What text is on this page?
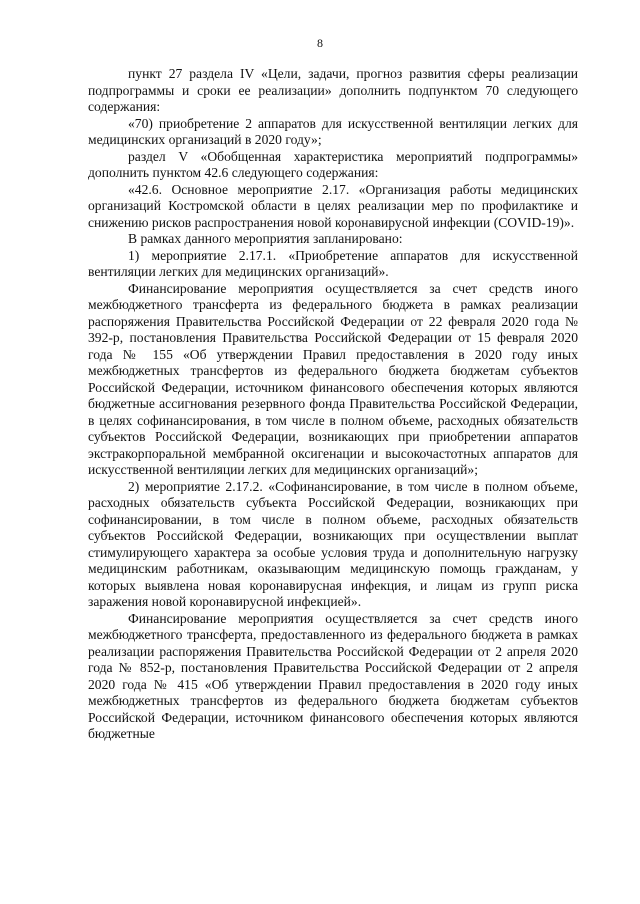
8

пункт 27 раздела IV «Цели, задачи, прогноз развития сферы реализации подпрограммы и сроки ее реализации» дополнить подпунктом 70 следующего содержания:

«70) приобретение 2 аппаратов для искусственной вентиляции легких для медицинских организаций в 2020 году»;

раздел V «Обобщенная характеристика мероприятий подпрограммы» дополнить пунктом 42.6 следующего содержания:

«42.6. Основное мероприятие 2.17. «Организация работы медицинских организаций Костромской области в целях реализации мер по профилактике и снижению рисков распространения новой коронавирусной инфекции (COVID-19)».

В рамках данного мероприятия запланировано:

1) мероприятие 2.17.1. «Приобретение аппаратов для искусственной вентиляции легких для медицинских организаций».

Финансирование мероприятия осуществляется за счет средств иного межбюджетного трансферта из федерального бюджета в рамках реализации распоряжения Правительства Российской Федерации от 22 февраля 2020 года № 392-р, постановления Правительства Российской Федерации от 15 февраля 2020 года № 155 «Об утверждении Правил предоставления в 2020 году иных межбюджетных трансфертов из федерального бюджета бюджетам субъектов Российской Федерации, источником финансового обеспечения которых являются бюджетные ассигнования резервного фонда Правительства Российской Федерации, в целях софинансирования, в том числе в полном объеме, расходных обязательств субъектов Российской Федерации, возникающих при приобретении аппаратов экстракорпоральной мембранной оксигенации и высокочастотных аппаратов для искусственной вентиляции легких для медицинских организаций»;

2) мероприятие 2.17.2. «Софинансирование, в том числе в полном объеме, расходных обязательств субъекта Российской Федерации, возникающих при софинансировании, в том числе в полном объеме, расходных обязательств субъектов Российской Федерации, возникающих при осуществлении выплат стимулирующего характера за особые условия труда и дополнительную нагрузку медицинским работникам, оказывающим медицинскую помощь гражданам, у которых выявлена новая коронавирусная инфекция, и лицам из групп риска заражения новой коронавирусной инфекцией».

Финансирование мероприятия осуществляется за счет средств иного межбюджетного трансферта, предоставленного из федерального бюджета в рамках реализации распоряжения Правительства Российской Федерации от 2 апреля 2020 года № 852-р, постановления Правительства Российской Федерации от 2 апреля 2020 года № 415 «Об утверждении Правил предоставления в 2020 году иных межбюджетных трансфертов из федерального бюджета бюджетам субъектов Российской Федерации, источником финансового обеспечения которых являются бюджетные
